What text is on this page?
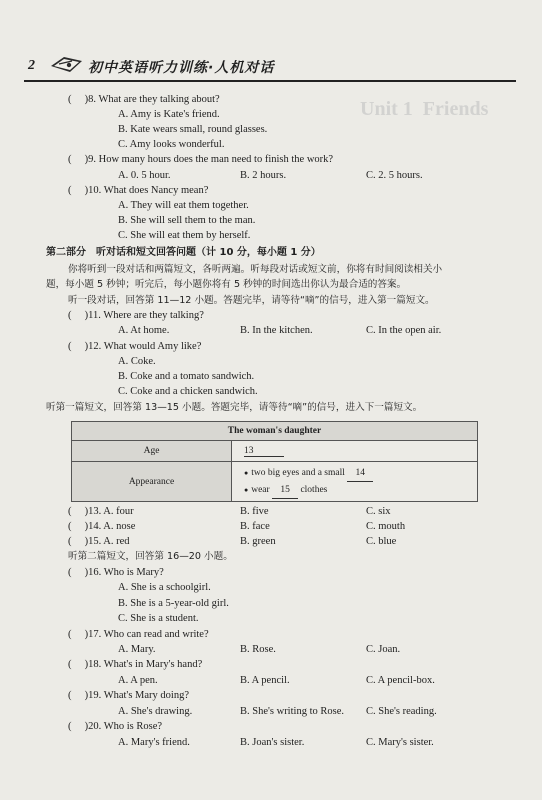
Unit 1 Friends
2	初中英语听力训练·人机对话
(     )8. What are they talking about?
A. Amy is Kate's friend.
B. Kate wears small, round glasses.
C. Amy looks wonderful.
(     )9. How many hours does the man need to finish the work?
A. 0. 5 hour.	B. 2 hours.	C. 2. 5 hours.
(     )10. What does Nancy mean?
A. They will eat them together.
B. She will sell them to the man.
C. She will eat them by herself.
第二部分　听对话和短文回答问题（计 10 分，每小题 1 分）
你将听到一段对话和两篇短文，各听两遍。听每段对话或短文前，你将有时间阅读相关小
题，每小题 5 秒钟；听完后，每小题你将有 5 秒钟的时间选出你认为最合适的答案。
听一段对话，回答第 11—12 小题。答题完毕，请等待“嘀”的信号，进入第一篇短文。
(     )11. Where are they talking?
A. At home.	B. In the kitchen.	C. In the open air.
(     )12. What would Amy like?
A. Coke.
B. Coke and a tomato sandwich.
C. Coke and a chicken sandwich.
听第一篇短文，回答第 13—15 小题。答题完毕，请等待“嘀”的信号，进入下一篇短文。
The woman's daughter	
Age	13
Appearance	● two big eyes and a small 14
● wear 15 clothes
(     )13. A. four	B. five	C. six
(     )14. A. nose	B. face	C. mouth
(     )15. A. red	B. green	C. blue
听第二篇短文，回答第 16—20 小题。
(     )16. Who is Mary?
A. She is a schoolgirl.
B. She is a 5-year-old girl.
C. She is a student.
(     )17. Who can read and write?
A. Mary.	B. Rose.	C. Joan.
(     )18. What's in Mary's hand?
A. A pen.	B. A pencil.	C. A pencil-box.
(     )19. What's Mary doing?
A. She's drawing.	B. She's writing to Rose. C. She's reading.
(     )20. Who is Rose?
A. Mary's friend.	B. Joan's sister.	C. Mary's sister.
